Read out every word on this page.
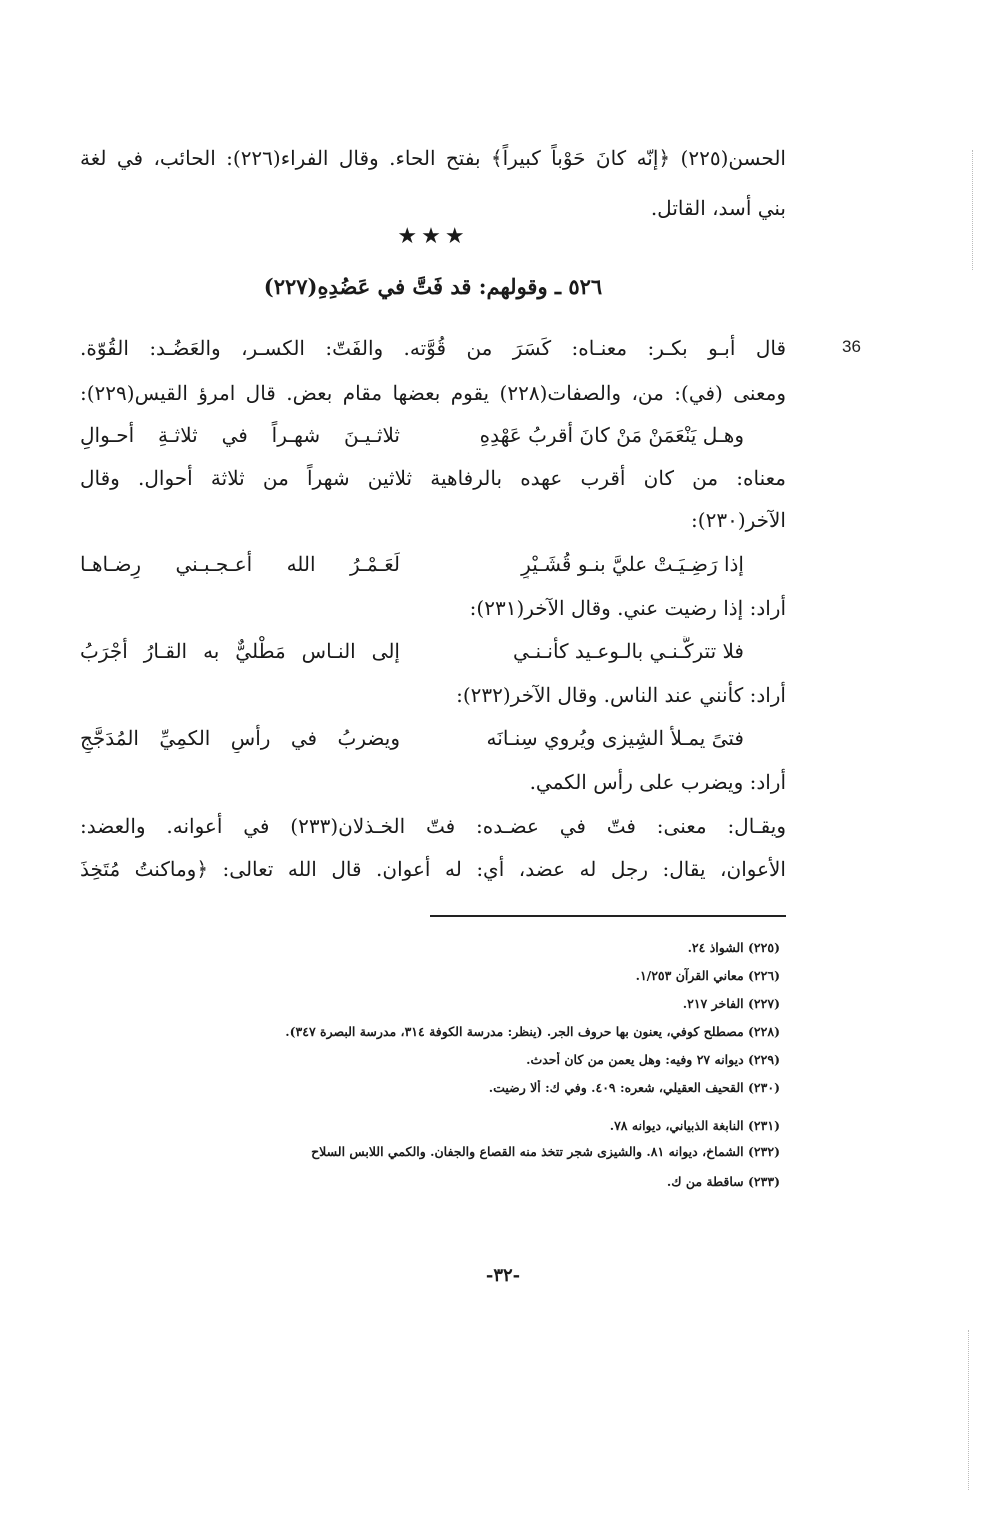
36
الحسن(٢٢٥) ﴿إنّه كانَ حَوْباً كبيراً﴾ بفتح الحاء. وقال الفراء(٢٢٦): الحائب، في لغة
بني أسد، القاتل.
★★★
٥٢٦ ـ وقولهم: قد فَتَّ في عَضُدِهِ(٢٢٧)
قال أبـو بكـر: معنـاه: كَسَرَ من قُوَّته. والفَتّ: الكسـر، والعَضُـد: القُوّة.
ومعنى (في): من، والصفات(٢٢٨) يقوم بعضها مقام بعض. قال امرؤ القيس(٢٢٩):
وهـل يَنْعَمَنْ مَنْ كانَ أقربُ عَهْدِهِ
ثلاثـيـنَ شهـراً في ثلاثـةِ أحـوالِ
معناه: من كان أقرب عهده بالرفاهية ثلاثين شهراً من ثلاثة أحوال. وقال
الآخر(٢٣٠):
إذا رَضِـيَـتْ عليَّ بنـو قُشَـيْرٍ
لَعَـمْـرُ الله أعـجـبـني رِضـاهـا
أراد: إذا رضيت عني. وقال الآخر(٢٣١):
فلا تتركَّـنـي بالـوعـيد كأنـنـي
إلى النـاس مَطْليٌّ به القـارُ أجْرَبُ
أراد: كأنني عند الناس. وقال الآخر(٢٣٢):
فتىً يمـلأ الشِيزى ويُروي سِنـانَه
ويضربُ في رأسِ الكمِيِّ المُدَجَّجِ
أراد: ويضرب على رأس الكمي.
ويقـال: معنى: فتّ في عضـده: فتّ الخـذلان(٢٣٣) في أعوانه. والعضد:
الأعوان، يقال: رجل له عضد، أي: له أعوان. قال الله تعالى: ﴿وماكنتُ مُتَخِذَ
(٢٢٥) الشواذ ٢٤.
(٢٢٦) معاني القرآن ١/٢٥٣.
(٢٢٧) الفاخر ٢١٧.
(٢٢٨) مصطلح كوفي، يعنون بها حروف الجر. (ينظر: مدرسة الكوفة ٣١٤، مدرسة البصرة ٣٤٧).
(٢٢٩) ديوانه ٢٧ وفيه: وهل يعمن من كان أحدث.
(٢٣٠) القحيف العقيلي، شعره: ٤٠٩. وفي ك: ألا رضيت.
(٢٣١) النابغة الذبياني، ديوانه ٧٨.
(٢٣٢) الشماخ، ديوانه ٨١. والشيزى شجر تتخذ منه القصاع والجفان. والكمي اللابس السلاح
(٢٣٣) ساقطة من ك.
-٣٢-
